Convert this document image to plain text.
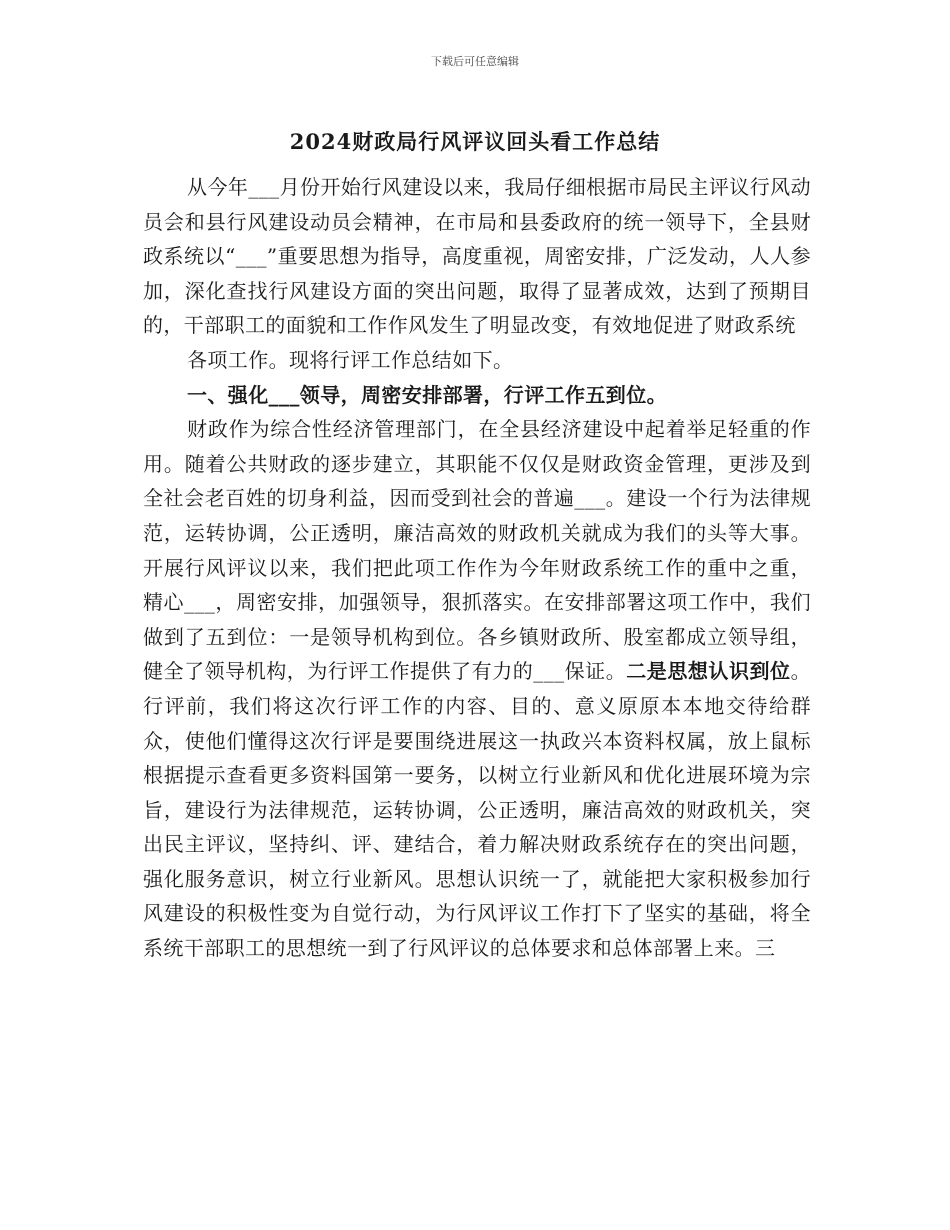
下载后可任意编辑
2024财政局行风评议回头看工作总结

从今年___月份开始行风建设以来，我局仔细根据市局民主评议行风动员会和县行风建设动员会精神，在市局和县委政府的统一领导下，全县财政系统以“___”重要思想为指导，高度重视，周密安排，广泛发动，人人参加，深化查找行风建设方面的突出问题，取得了显著成效，达到了预期目的，干部职工的面貌和工作作风发生了明显改变，有效地促进了财政系统

各项工作。现将行评工作总结如下。

一、强化___领导，周密安排部署，行评工作五到位。

财政作为综合性经济管理部门，在全县经济建设中起着举足轻重的作用。随着公共财政的逐步建立，其职能不仅仅是财政资金管理，更涉及到全社会老百姓的切身利益，因而受到社会的普遍___。建设一个行为法律规范，运转协调，公正透明，廉洁高效的财政机关就成为我们的头等大事。开展行风评议以来，我们把此项工作作为今年财政系统工作的重中之重，精心___，周密安排，加强领导，狠抓落实。在安排部署这项工作中，我们做到了五到位：一是领导机构到位。各乡镇财政所、股室都成立领导组，健全了领导机构，为行评工作提供了有力的___保证。二是思想认识到位。行评前，我们将这次行评工作的内容、目的、意义原原本本地交待给群众，使他们懂得这次行评是要围绕进展这一执政兴本资料权属，放上鼠标根据提示查看更多资料国第一要务，以树立行业新风和优化进展环境为宗旨，建设行为法律规范，运转协调，公正透明，廉洁高效的财政机关，突出民主评议，坚持纠、评、建结合，着力解决财政系统存在的突出问题，强化服务意识，树立行业新风。思想认识统一了，就能把大家积极参加行风建设的积极性变为自觉行动，为行风评议工作打下了坚实的基础，将全系统干部职工的思想统一到了行风评议的总体要求和总体部署上来。三
